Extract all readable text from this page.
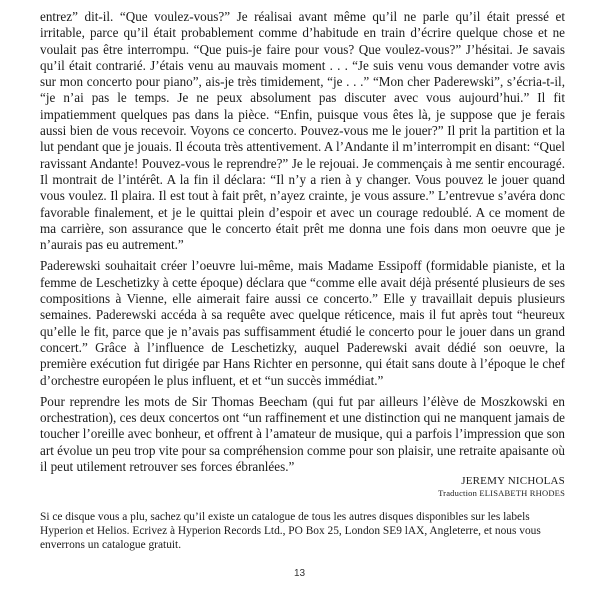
entrez” dit-il. “Que voulez-vous?” Je réalisai avant même qu’il ne parle qu’il était pressé et irritable, parce qu’il était probablement comme d’habitude en train d’écrire quelque chose et ne voulait pas être interrompu. “Que puis-je faire pour vous? Que voulez-vous?” J’hésitai. Je savais qu’il était contrarié. J’étais venu au mauvais moment . . . “Je suis venu vous demander votre avis sur mon concerto pour piano”, ais-je très timidement, “je . . .” “Mon cher Paderewski”, s’écria-t-il, “je n’ai pas le temps. Je ne peux absolument pas discuter avec vous aujourd’hui.” Il fit impatiemment quelques pas dans la pièce. “Enfin, puisque vous êtes là, je suppose que je ferais aussi bien de vous recevoir. Voyons ce concerto. Pouvez-vous me le jouer?” Il prit la partition et la lut pendant que je jouais. Il écouta très attentivement. A l’Andante il m’interrompit en disant: “Quel ravissant Andante! Pouvez-vous le reprendre?” Je le rejouai. Je commençais à me sentir encouragé. Il montrait de l’intérêt. A la fin il déclara: “Il n’y a rien à y changer. Vous pouvez le jouer quand vous voulez. Il plaira. Il est tout à fait prêt, n’ayez crainte, je vous assure.” L’entrevue s’avéra donc favorable finalement, et je le quittai plein d’espoir et avec un courage redoublé. A ce moment de ma carrière, son assurance que le concerto était prêt me donna une fois dans mon oeuvre que je n’aurais pas eu autrement.”

Paderewski souhaitait créer l’oeuvre lui-même, mais Madame Essipoff (formidable pianiste, et la femme de Leschetizky à cette époque) déclara que “comme elle avait déjà présenté plusieurs de ses compositions à Vienne, elle aimerait faire aussi ce concerto.” Elle y travaillait depuis plusieurs semaines. Paderewski accéda à sa requête avec quelque réticence, mais il fut après tout “heureux qu’elle le fit, parce que je n’avais pas suffisamment étudié le concerto pour le jouer dans un grand concert.” Grâce à l’influence de Leschetizky, auquel Paderewski avait dédié son oeuvre, la première exécution fut dirigée par Hans Richter en personne, qui était sans doute à l’époque le chef d’orchestre européen le plus influent, et et “un succès immédiat.”

Pour reprendre les mots de Sir Thomas Beecham (qui fut par ailleurs l’élève de Moszkowski en orchestration), ces deux concertos ont “un raffinement et une distinction qui ne manquent jamais de toucher l’oreille avec bonheur, et offrent à l’amateur de musique, qui a parfois l’impression que son art évolue un peu trop vite pour sa compréhension comme pour son plaisir, une retraite apaisante où il peut utilement retrouver ses forces ébranlées.”

JEREMY NICHOLAS
Traduction ELISABETH RHODES

Si ce disque vous a plu, sachez qu’il existe un catalogue de tous les autres disques disponibles sur les labels Hyperion et Helios. Ecrivez à Hyperion Records Ltd., PO Box 25, London SE9 lAX, Angleterre, et nous vous enverrons un catalogue gratuit.

13
